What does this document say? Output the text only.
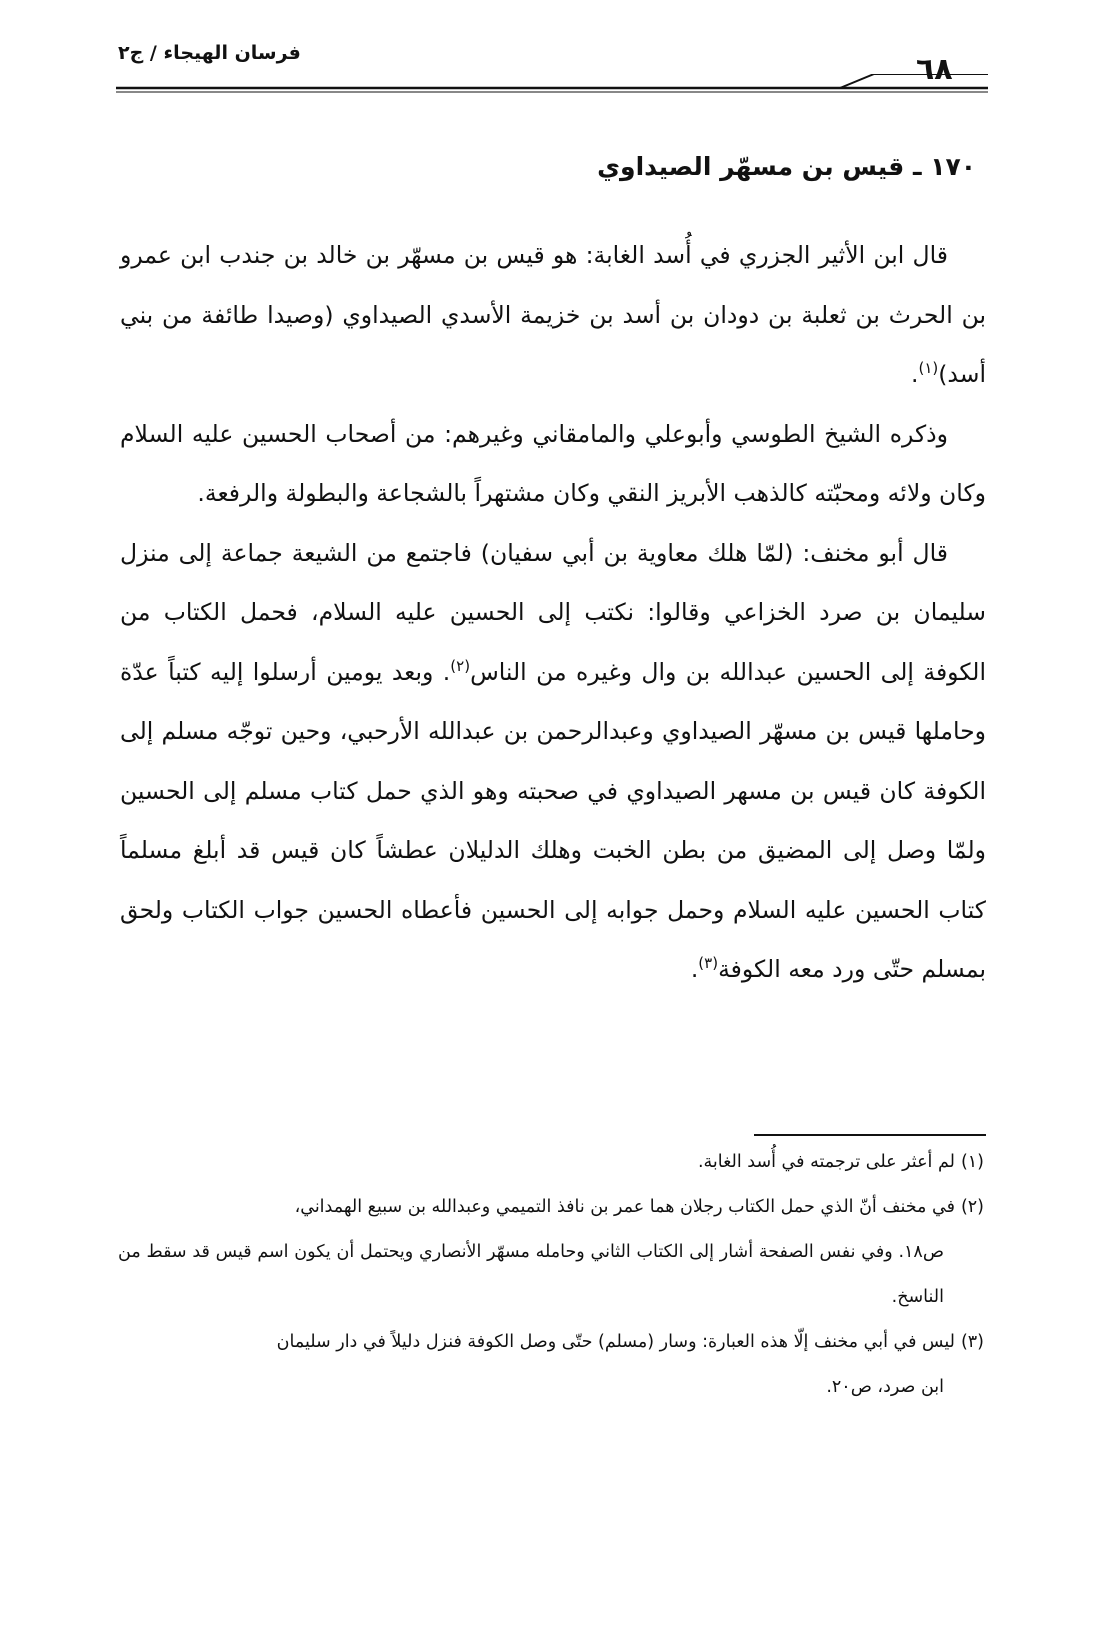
فرسان الهيجاء / ج٢	٦٨
١٧٠ ـ قيس بن مسهّر الصيداوي

قال ابن الأثير الجزري في أُسد الغابة: هو قيس بن مسهّر بن خالد بن جندب ابن عمرو بن الحرث بن ثعلبة بن دودان بن أسد بن خزيمة الأسدي الصيداوي (وصيدا طائفة من بني أسد)$^{(١)}$.

وذكره الشيخ الطوسي وأبوعلي والمامقاني وغيرهم: من أصحاب الحسين عليه السلام وكان ولائه ومحبّته كالذهب الأبريز النقي وكان مشتهراً بالشجاعة والبطولة والرفعة.

قال أبو مخنف: (لمّا هلك معاوية بن أبي سفيان) فاجتمع من الشيعة جماعة إلى منزل سليمان بن صرد الخزاعي وقالوا: نكتب إلى الحسين عليه السلام، فحمل الكتاب من الكوفة إلى الحسين عبدالله بن وال وغيره من الناس$^{(٢)}$. وبعد يومين أرسلوا إليه كتباً عدّة وحاملها قيس بن مسهّر الصيداوي وعبدالرحمن بن عبدالله الأرحبي، وحين توجّه مسلم إلى الكوفة كان قيس بن مسهر الصيداوي في صحبته وهو الذي حمل كتاب مسلم إلى الحسين ولمّا وصل إلى المضيق من بطن الخبت وهلك الدليلان عطشاً كان قيس قد أبلغ مسلماً كتاب الحسين عليه السلام وحمل جوابه إلى الحسين فأعطاه الحسين جواب الكتاب ولحق بمسلم حتّى ورد معه الكوفة$^{(٣)}$.

(١)لم أعثر على ترجمته في أُسد الغابة.

(٢)في مخنف أنّ الذي حمل الكتاب رجلان هما عمر بن نافذ التميمي وعبدالله بن سبيع الهمداني،

ص١٨. وفي نفس الصفحة أشار إلى الكتاب الثاني وحامله مسهّر الأنصاري ويحتمل أن يكون اسم قيس قد سقط من الناسخ.

(٣)ليس في أبي مخنف إلّا هذه العبارة: وسار (مسلم) حتّى وصل الكوفة فنزل دليلاً في دار سليمان

ابن صرد، ص٢٠.
